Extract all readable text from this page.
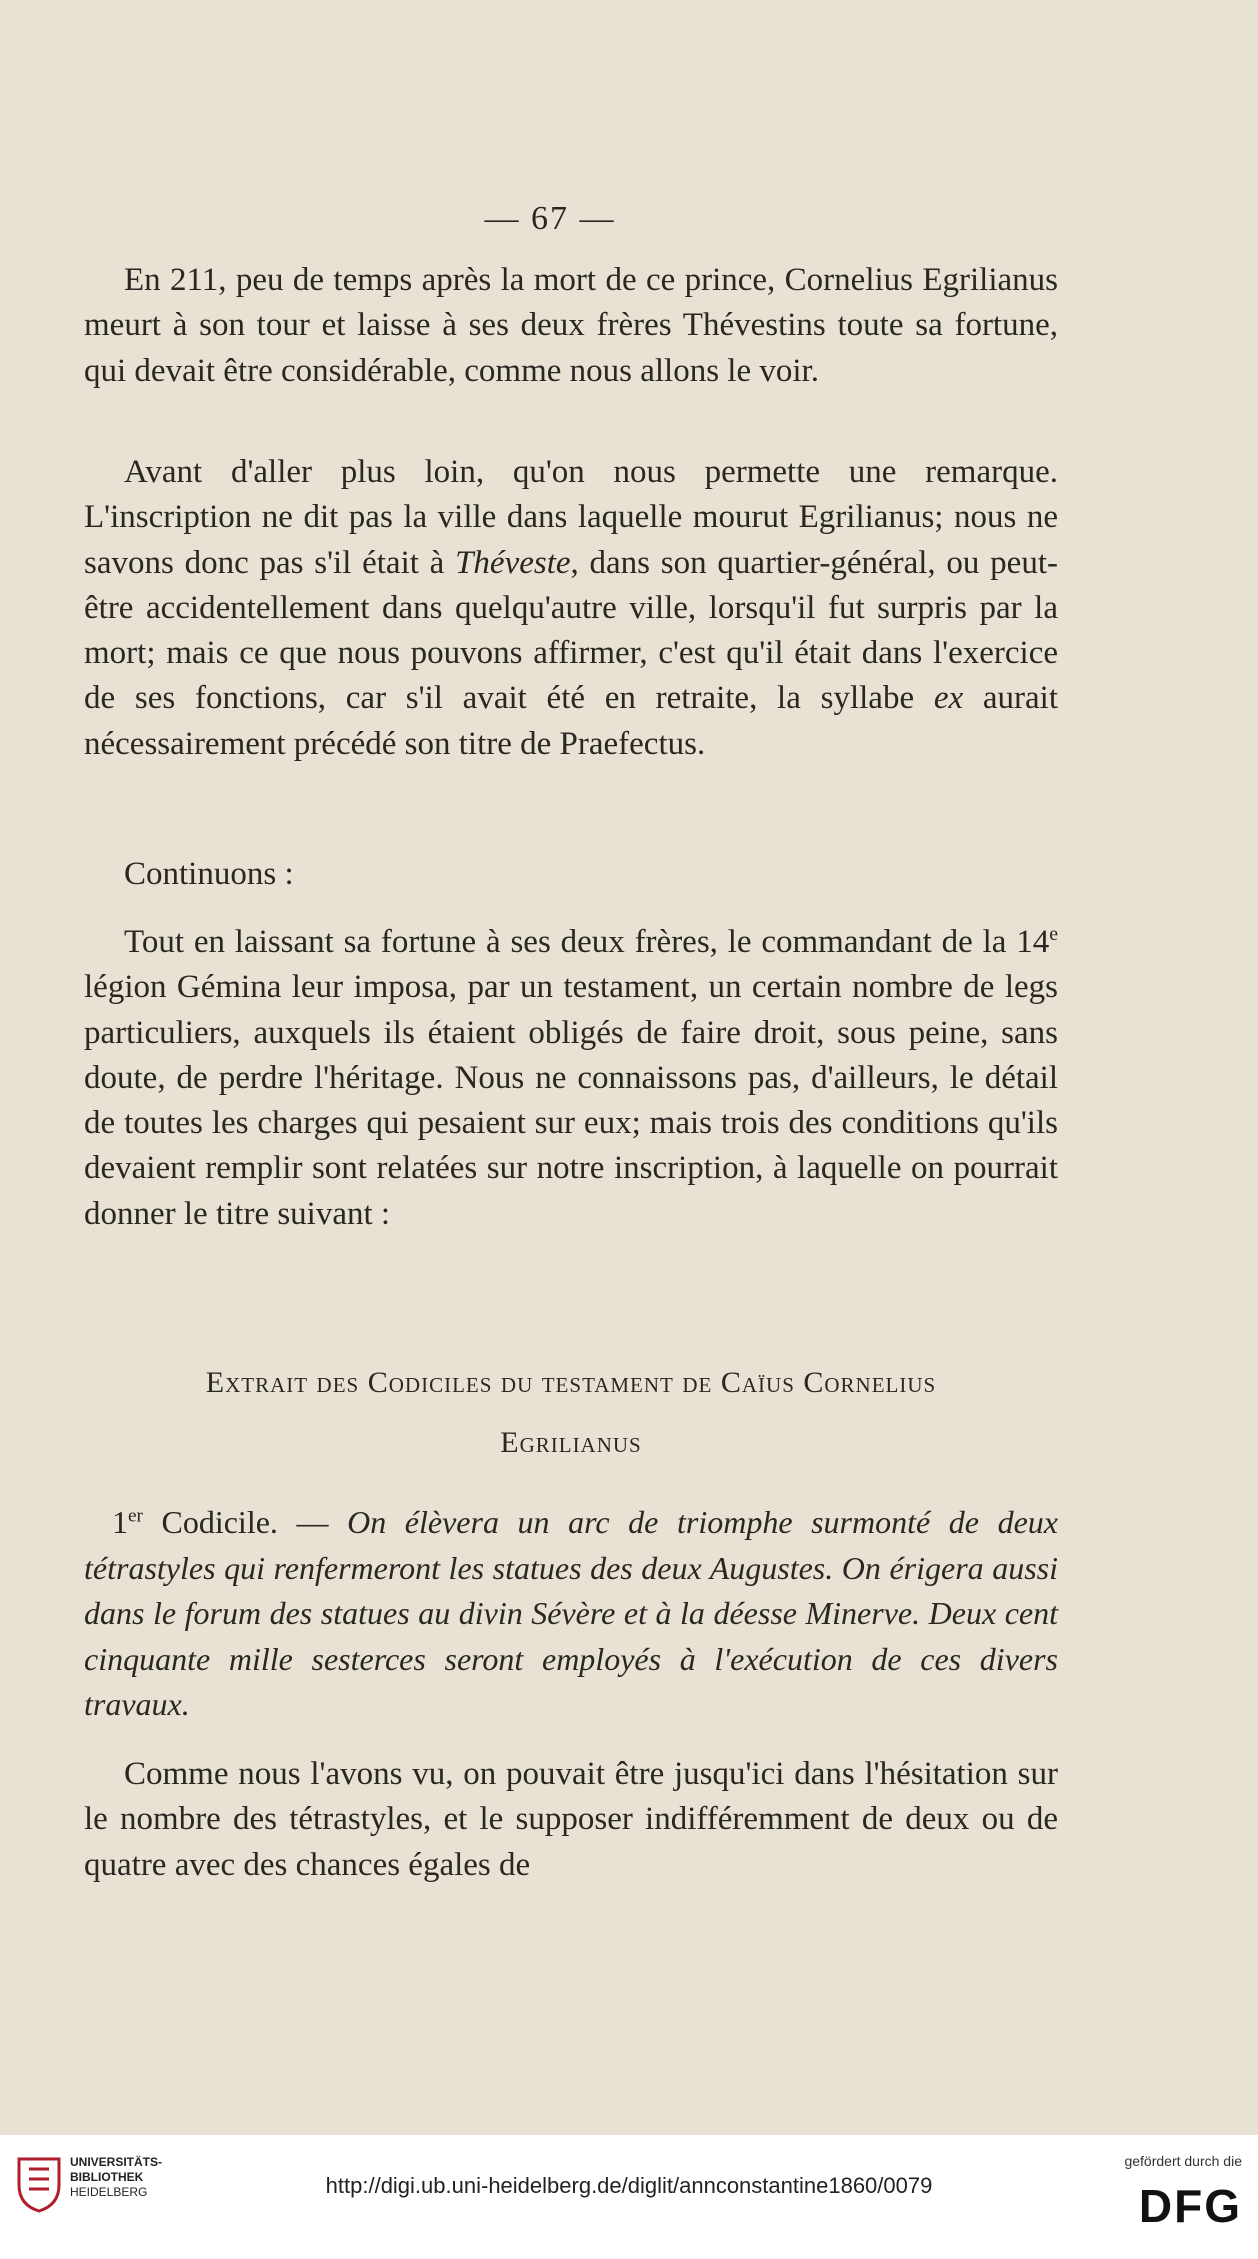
— 67 —

En 211, peu de temps après la mort de ce prince, Cornelius Egrilianus meurt à son tour et laisse à ses deux frères Thévestins toute sa fortune, qui devait être considérable, comme nous allons le voir.

Avant d'aller plus loin, qu'on nous permette une remarque. L'inscription ne dit pas la ville dans laquelle mourut Egrilianus; nous ne savons donc pas s'il était à Théveste, dans son quartier-général, ou peut-être accidentellement dans quelqu'autre ville, lorsqu'il fut surpris par la mort; mais ce que nous pouvons affirmer, c'est qu'il était dans l'exercice de ses fonctions, car s'il avait été en retraite, la syllabe ex aurait nécessairement précédé son titre de Praefectus.

Continuons :

Tout en laissant sa fortune à ses deux frères, le commandant de la 14e légion Gémina leur imposa, par un testament, un certain nombre de legs particuliers, auxquels ils étaient obligés de faire droit, sous peine, sans doute, de perdre l'héritage. Nous ne connaissons pas, d'ailleurs, le détail de toutes les charges qui pesaient sur eux; mais trois des conditions qu'ils devaient remplir sont relatées sur notre inscription, à laquelle on pourrait donner le titre suivant :

Extrait des Codiciles du testament de Caïus Cornelius
Egrilianus

1er Codicile. — On élèvera un arc de triomphe surmonté de deux tétrastyles qui renfermeront les statues des deux Augustes. On érigera aussi dans le forum des statues au divin Sévère et à la déesse Minerve. Deux cent cinquante mille sesterces seront employés à l'exécution de ces divers travaux.

Comme nous l'avons vu, on pouvait être jusqu'ici dans l'hésitation sur le nombre des tétrastyles, et le supposer indifféremment de deux ou de quatre avec des chances égales de

UNIVERSITÄTS-
BIBLIOTHEK
HEIDELBERG	http://digi.ub.uni-heidelberg.de/diglit/annconstantine1860/0079
gefördert durch die
DFG
